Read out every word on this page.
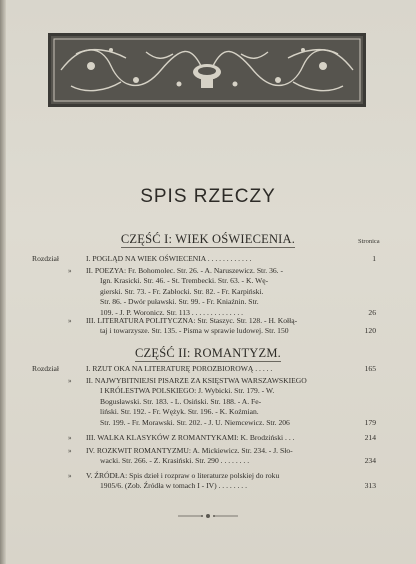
SPIS RZECZY
Stronica
CZĘŚĆ I: WIEK OŚWIECENIA.
Rozdział	I. POGLĄD NA WIEK OŚWIECENIA . . . . . . . . . . . .	1
» II. POEZYA: Fr. Bohomolec. Str. 26. - A. Naruszewicz. Str. 36. -
Ign. Krasicki. Str. 46. - St. Trembecki. Str. 63. - K. Wę-
gierski. Str. 73. - Fr. Zabłocki. Str. 82. - Fr. Karpiński.
Str. 86. - Dwór puławski. Str. 99. - Fr. Kniaźnin. Str.
109. - J. P. Woronicz. Str. 113 . . . . . . . . . . . . . .	26
» III. LITERATURA POLITYCZNA: Str. Staszyc. Str. 128. - H. Kołłą-
taj i towarzysze. Str. 135. - Pisma w sprawie ludowej. Str. 150	120
CZĘŚĆ II: ROMANTYZM.
Rozdział	I. RZUT OKA NA LITERATURĘ POROZBIOROWĄ . . . . .	165
» II. NAJWYBITNIEJSI PISARZE ZA KSIĘSTWA WARSZAWSKIEGO
I KRÓLESTWA POLSKIEGO: J. Wybicki. Str. 179. - W.
Bogusławski. Str. 183. - L. Osiński. Str. 188. - A. Fe-
liński. Str. 192. - Fr. Wężyk. Str. 196. - K. Koźmian.
Str. 199. - Fr. Morawski. Str. 202. - J. U. Niemcewicz. Str. 206	179
» III. WALKA KLASYKÓW Z ROMANTYKAMI: K. Brodziński . . .	214
» IV. ROZKWIT ROMANTYZMU: A. Mickiewicz. Str. 234. - J. Sło-
wacki. Str. 266. - Z. Krasiński. Str. 290 . . . . . . . .	234
» V. ŹRÓDŁA: Spis dzieł i rozpraw o literaturze polskiej do roku
1905/6. (Zob. Źródła w tomach I - IV) . . . . . . . .	313
